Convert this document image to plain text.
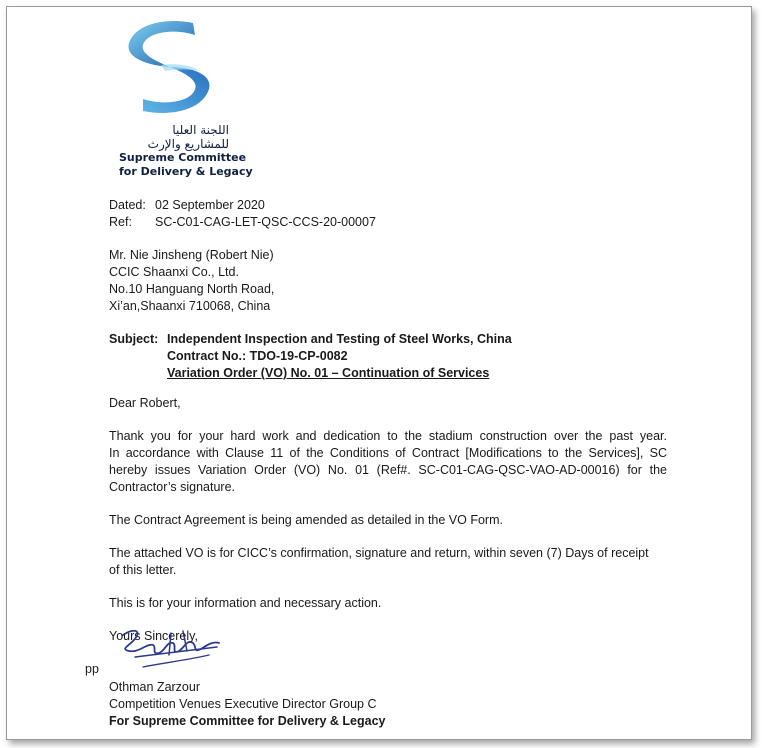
اللجنة العليا
للمشاريع والإرث
Supreme Committee
for Delivery & Legacy
Dated: 02 September 2020
Ref: SC-C01-CAG-LET-QSC-CCS-20-00007
Mr. Nie Jinsheng (Robert Nie)
CCIC Shaanxi Co., Ltd.
No.10 Hanguang North Road,
Xi’an,Shaanxi 710068, China
Subject: Independent Inspection and Testing of Steel Works, China
Contract No.: TDO-19-CP-0082
Variation Order (VO) No. 01 – Continuation of Services
Dear Robert,
Thank you for your hard work and dedication to the stadium construction over the past year.
In accordance with Clause 11 of the Conditions of Contract [Modifications to the Services], SC
hereby issues Variation Order (VO) No. 01 (Ref#. SC-C01-CAG-QSC-VAO-AD-00016) for the
Contractor’s signature.
The Contract Agreement is being amended as detailed in the VO Form.
The attached VO is for CICC’s confirmation, signature and return, within seven (7) Days of receipt
of this letter.
This is for your information and necessary action.
Yours Sincerely,
pp
Othman Zarzour
Competition Venues Executive Director Group C
For Supreme Committee for Delivery & Legacy
